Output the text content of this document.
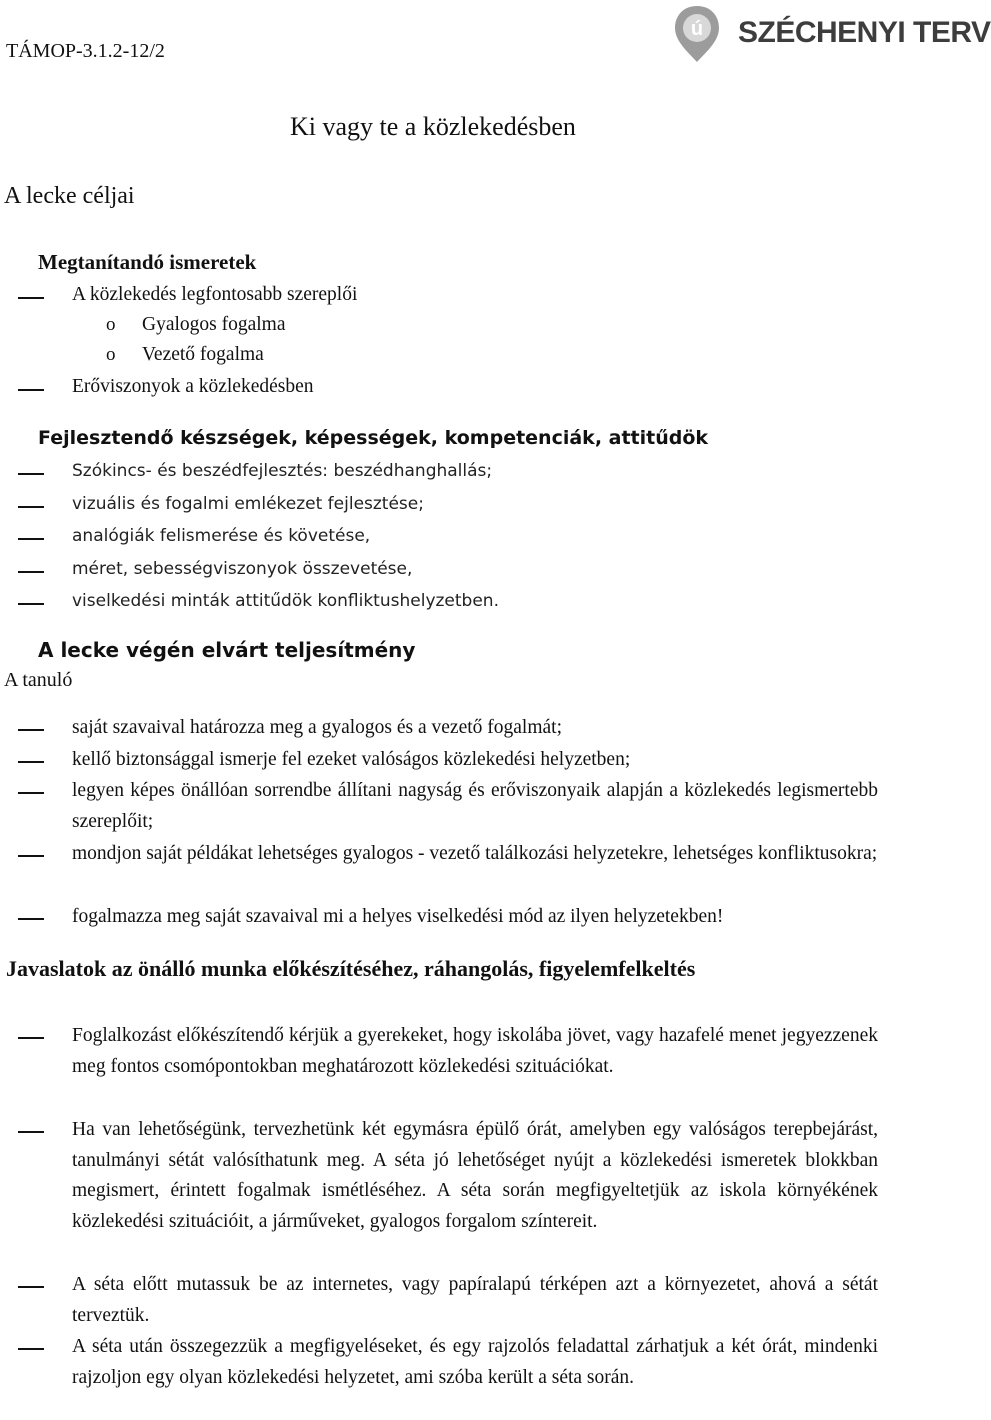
TÁMOP-3.1.2-12/2
ú SZÉCHENYI TERV
Ki vagy te a közlekedésben
A lecke céljai
Megtanítandó ismeretek
A közlekedés legfontosabb szereplői
o Gyalogos fogalma
o Vezető fogalma
Erőviszonyok a közlekedésben
Fejlesztendő készségek, képességek, kompetenciák, attitűdök
Szókincs- és beszédfejlesztés: beszédhanghallás;
vizuális és fogalmi emlékezet fejlesztése;
analógiák felismerése és követése,
méret, sebességviszonyok összevetése,
viselkedési minták attitűdök konfliktushelyzetben.
A lecke végén elvárt teljesítmény
A tanuló
saját szavaival határozza meg a gyalogos és a vezető fogalmát;
kellő biztonsággal ismerje fel ezeket valóságos közlekedési helyzetben;
legyen képes önállóan sorrendbe állítani nagyság és erőviszonyaik alapján a közlekedés legismertebb szereplőit;
mondjon saját példákat lehetséges gyalogos - vezető találkozási helyzetekre, lehetséges konfliktusokra;
fogalmazza meg saját szavaival mi a helyes viselkedési mód az ilyen helyzetekben!
Javaslatok az önálló munka előkészítéséhez, ráhangolás, figyelemfelkeltés
Foglalkozást előkészítendő kérjük a gyerekeket, hogy iskolába jövet, vagy hazafelé menet jegyezzenek meg fontos csomópontokban meghatározott közlekedési szituációkat.
Ha van lehetőségünk, tervezhetünk két egymásra épülő órát, amelyben egy valóságos terepbejárást, tanulmányi sétát valósíthatunk meg. A séta jó lehetőséget nyújt a közlekedési ismeretek blokkban megismert, érintett fogalmak ismétléséhez. A séta során megfigyeltetjük az iskola környékének közlekedési szituációit, a járműveket, gyalogos forgalom színtereit.
A séta előtt mutassuk be az internetes, vagy papíralapú térképen azt a környezetet, ahová a sétát terveztük.
A séta után összegezzük a megfigyeléseket, és egy rajzolós feladattal zárhatjuk a két órát, mindenki rajzoljon egy olyan közlekedési helyzetet, ami szóba került a séta során.
